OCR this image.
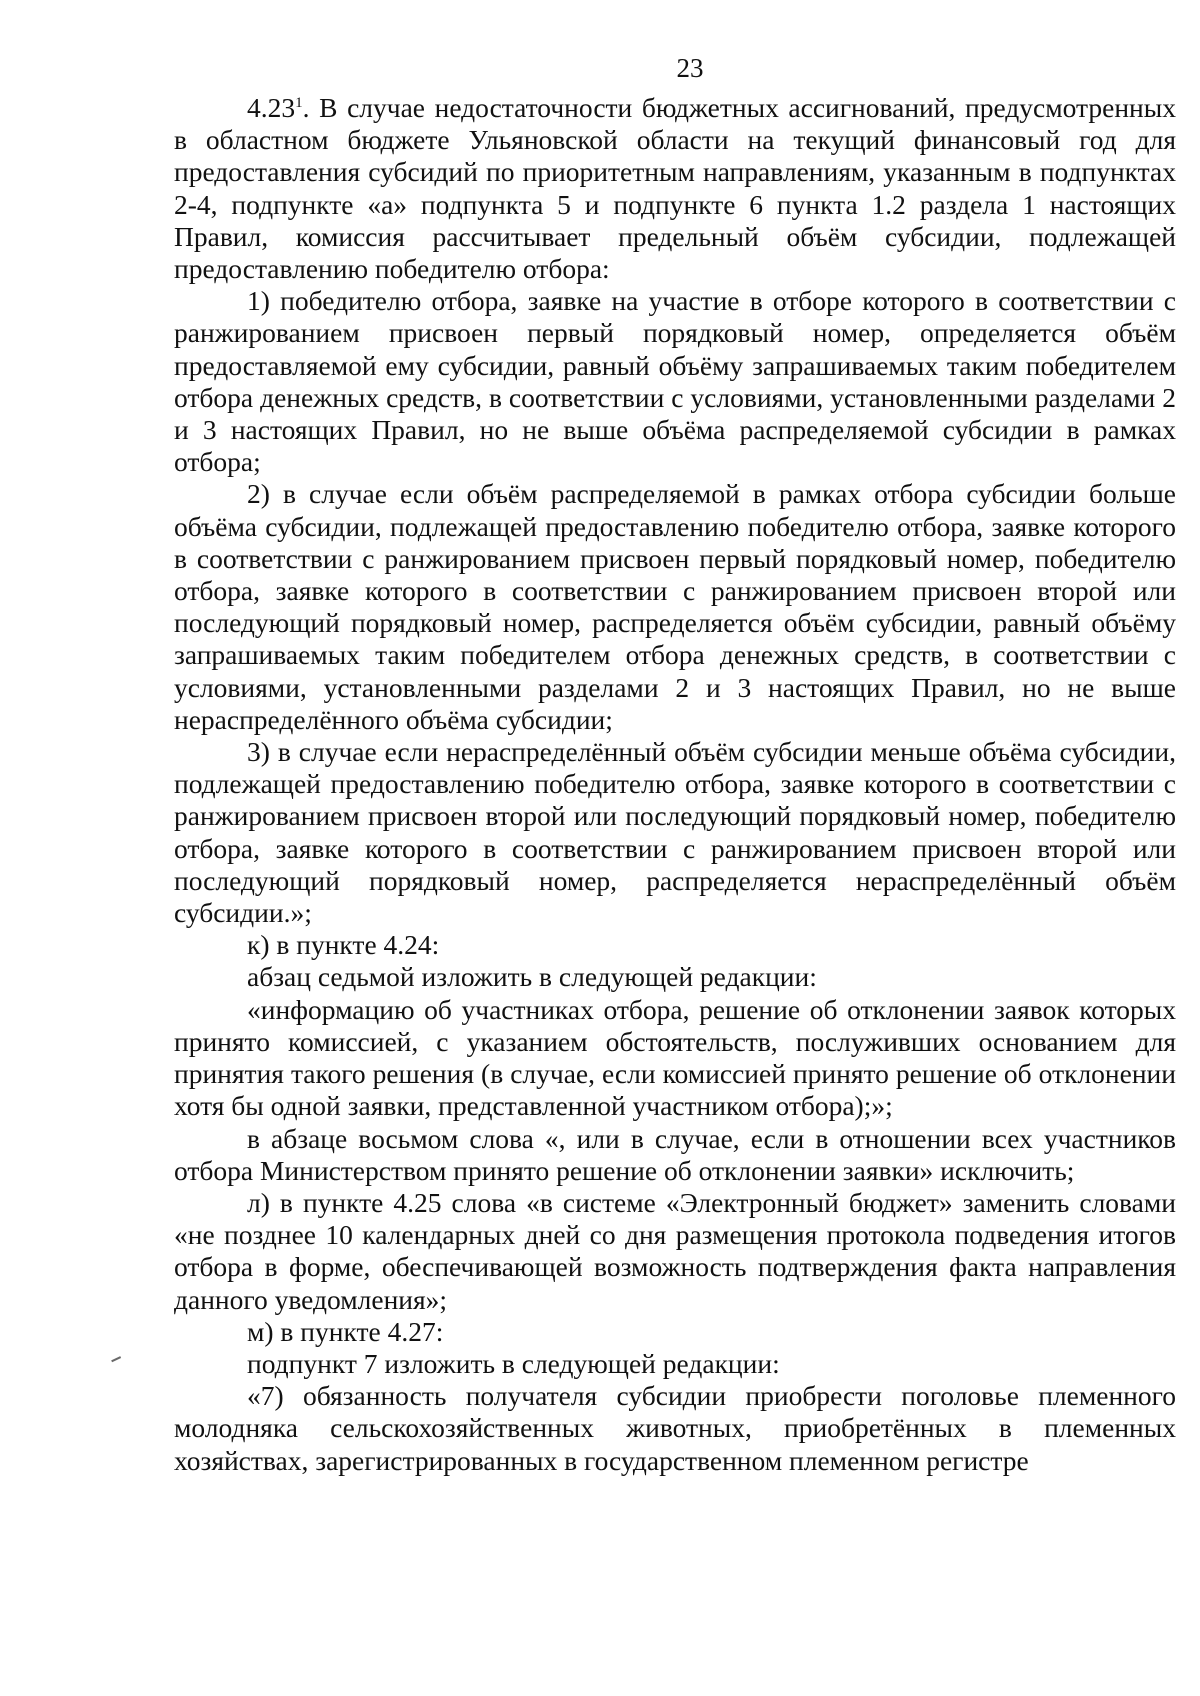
23

4.23$^1$. В случае недостаточности бюджетных ассигнований, предусмотренных в областном бюджете Ульяновской области на текущий финансовый год для предоставления субсидий по приоритетным направлениям, указанным в подпунктах 2-4, подпункте «а» подпункта 5 и подпункте 6 пункта 1.2 раздела 1 настоящих Правил, комиссия рассчитывает предельный объём субсидии, подлежащей предоставлению победителю отбора:

1) победителю отбора, заявке на участие в отборе которого в соответствии с ранжированием присвоен первый порядковый номер, определяется объём предоставляемой ему субсидии, равный объёму запрашиваемых таким победителем отбора денежных средств, в соответствии с условиями, установленными разделами 2 и 3 настоящих Правил, но не выше объёма распределяемой субсидии в рамках отбора;

2) в случае если объём распределяемой в рамках отбора субсидии больше объёма субсидии, подлежащей предоставлению победителю отбора, заявке которого в соответствии с ранжированием присвоен первый порядковый номер, победителю отбора, заявке которого в соответствии с ранжированием присвоен второй или последующий порядковый номер, распределяется объём субсидии, равный объёму запрашиваемых таким победителем отбора денежных средств, в соответствии с условиями, установленными разделами 2 и 3 настоящих Правил, но не выше нераспределённого объёма субсидии;

3) в случае если нераспределённый объём субсидии меньше объёма субсидии, подлежащей предоставлению победителю отбора, заявке которого в соответствии с ранжированием присвоен второй или последующий порядковый номер, победителю отбора, заявке которого в соответствии с ранжированием присвоен второй или последующий порядковый номер, распределяется нераспределённый объём субсидии.»;

к) в пункте 4.24:

абзац седьмой изложить в следующей редакции:

«информацию об участниках отбора, решение об отклонении заявок которых принято комиссией, с указанием обстоятельств, послуживших основанием для принятия такого решения (в случае, если комиссией принято решение об отклонении хотя бы одной заявки, представленной участником отбора);»;

в абзаце восьмом слова «, или в случае, если в отношении всех участников отбора Министерством принято решение об отклонении заявки» исключить;

л) в пункте 4.25 слова «в системе «Электронный бюджет» заменить словами «не позднее 10 календарных дней со дня размещения протокола подведения итогов отбора в форме, обеспечивающей возможность подтверждения факта направления данного уведомления»;

м) в пункте 4.27:

подпункт 7 изложить в следующей редакции:

«7) обязанность получателя субсидии приобрести поголовье племенного молодняка сельскохозяйственных животных, приобретённых в племенных хозяйствах, зарегистрированных в государственном племенном регистре
